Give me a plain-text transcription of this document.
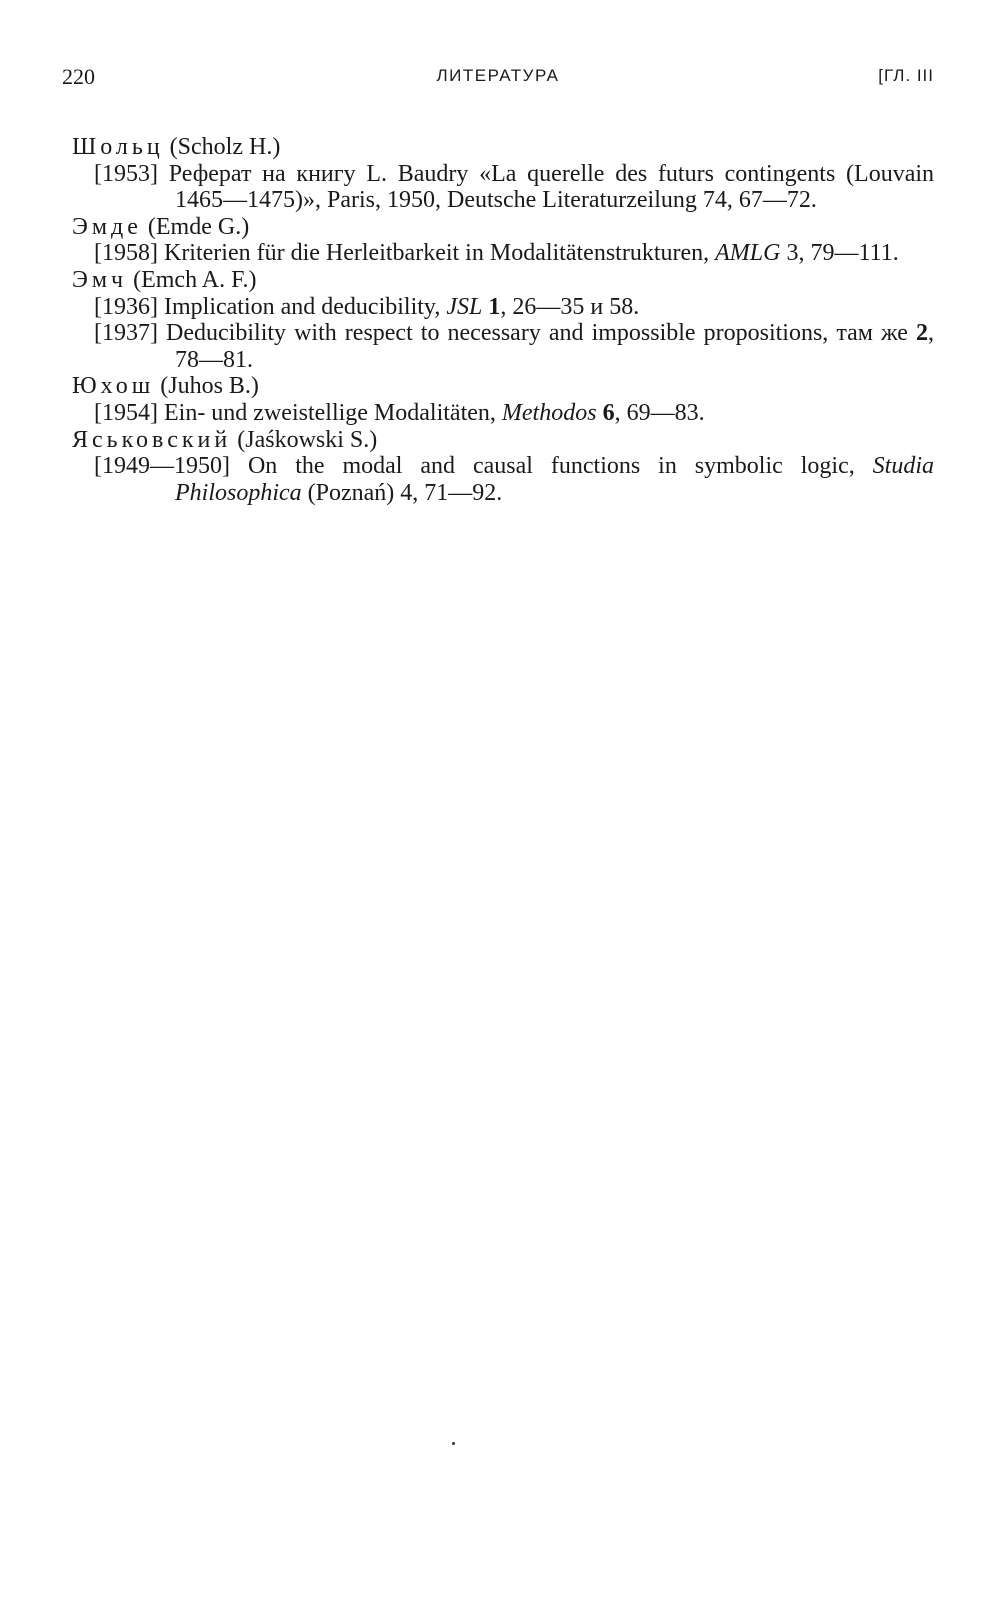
220	ЛИТЕРАТУРА	[ГЛ. III

Шольц (Scholz H.)

[1953] Реферат на книгу L. Baudry «La querelle des futurs contingents (Louvain 1465—1475)», Paris, 1950, Deutsche Literaturzeilung 74, 67—72.

Эмде (Emde G.)

[1958] Kriterien für die Herleitbarkeit in Modalitätenstrukturen, AMLG 3, 79—111.

Эмч (Emch A. F.)

[1936] Implication and deducibility, JSL 1, 26—35 и 58.

[1937] Deducibility with respect to necessary and impossible propositions, там же 2, 78—81.

Юхош (Juhos B.)

[1954] Ein- und zweistellige Modalitäten, Methodos 6, 69—83.

Яськовский (Jaśkowski S.)

[1949—1950] On the modal and causal functions in symbolic logic, Studia Philosophica (Poznań) 4, 71—92.
